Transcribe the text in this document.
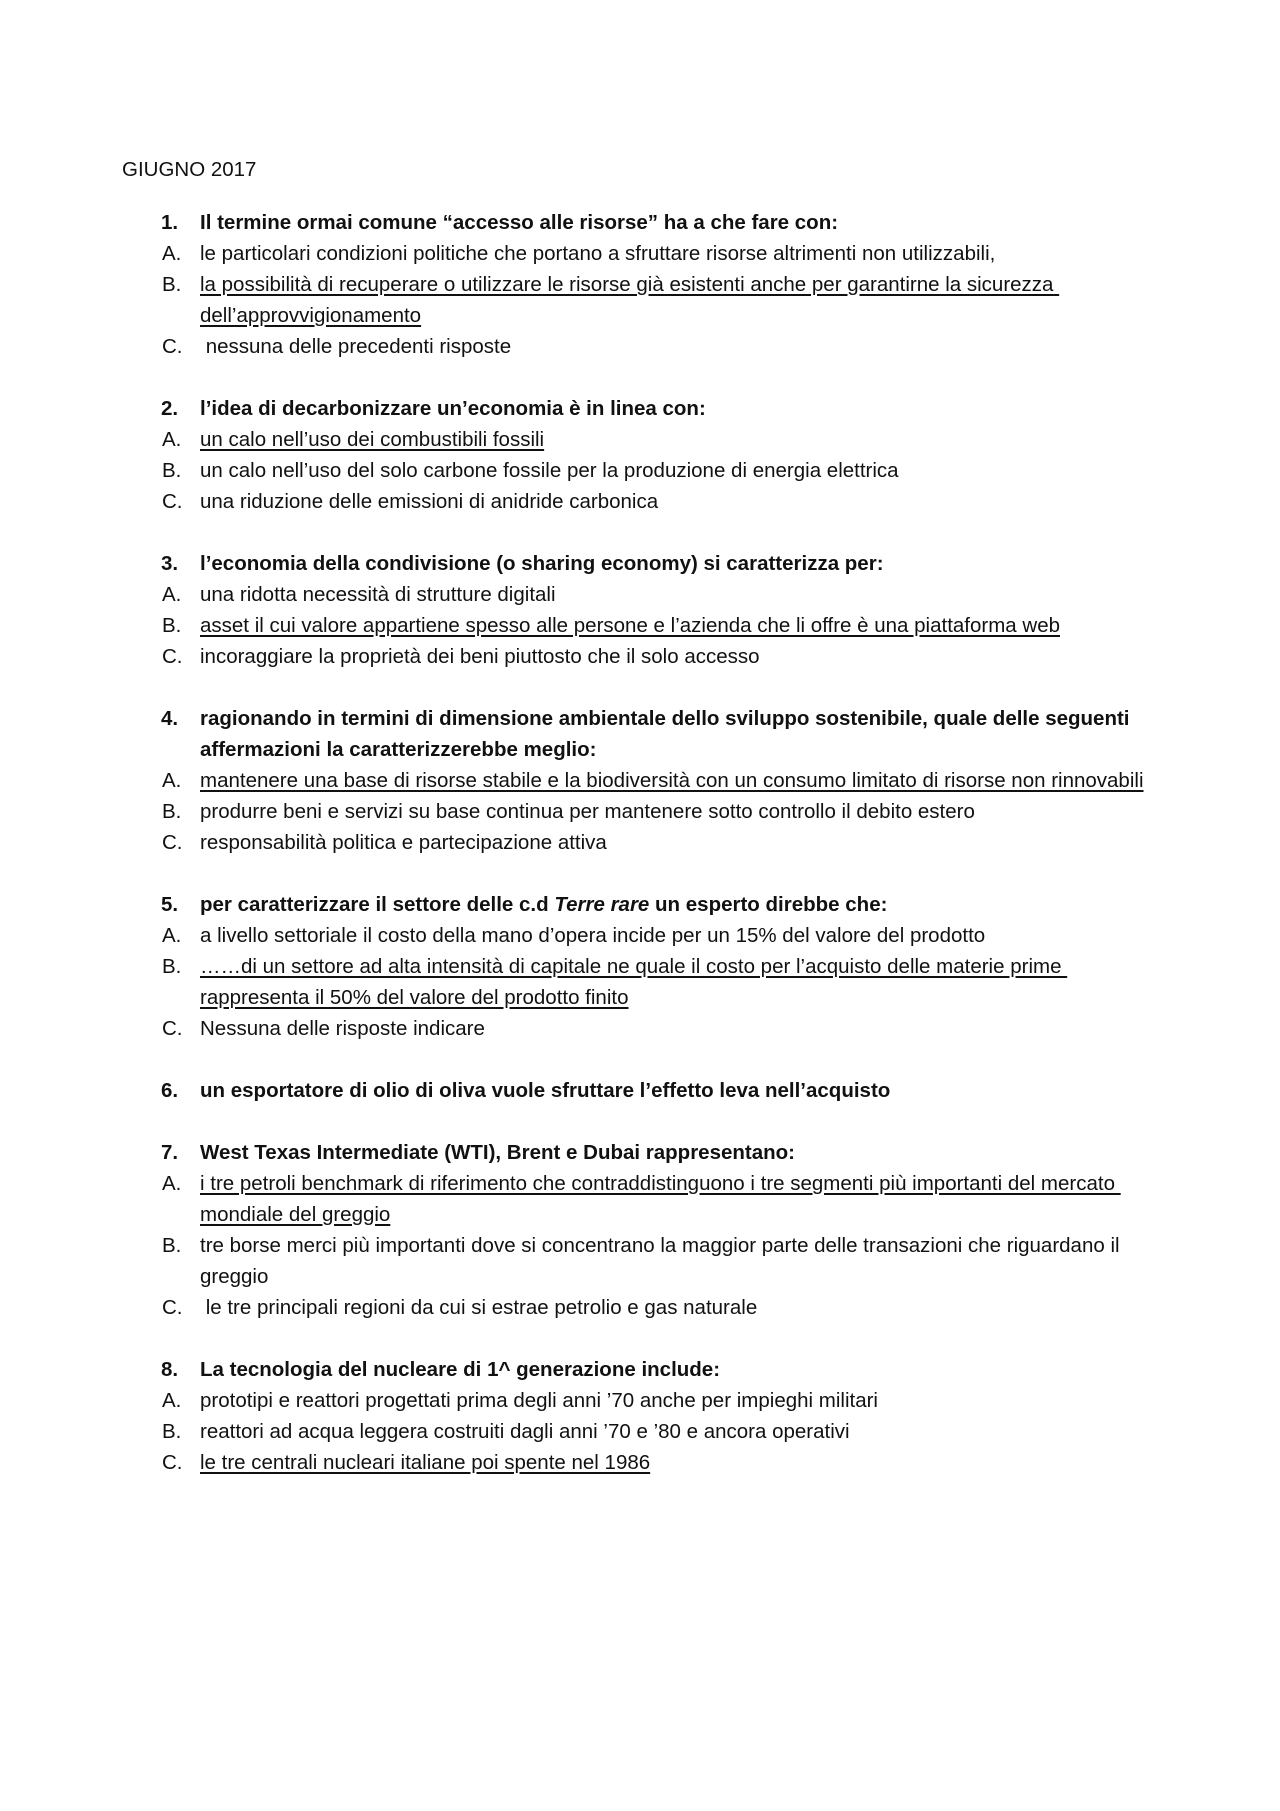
GIUGNO 2017
1. Il termine ormai comune “accesso alle risorse” ha a che fare con:
A. le particolari condizioni politiche che portano a sfruttare risorse altrimenti non utilizzabili,
B. la possibilità di recuperare o utilizzare le risorse già esistenti anche per garantirne la sicurezza dell’approvvigionamento
C. nessuna delle precedenti risposte
2. l’idea di decarbonizzare un’economia è in linea con:
A. un calo nell’uso dei combustibili fossili
B. un calo nell’uso del solo carbone fossile per la produzione di energia elettrica
C. una riduzione delle emissioni di anidride carbonica
3. l’economia della condivisione (o sharing economy) si caratterizza per:
A. una ridotta necessità di strutture digitali
B. asset il cui valore appartiene spesso alle persone e l’azienda che li offre è una piattaforma web
C. incoraggiare la proprietà dei beni piuttosto che il solo accesso
4. ragionando in termini di dimensione ambientale dello sviluppo sostenibile, quale delle seguenti affermazioni la caratterizzerebbe meglio:
A. mantenere una base di risorse stabile e la biodiversità con un consumo limitato di risorse non rinnovabili
B. produrre beni e servizi su base continua per mantenere sotto controllo il debito estero
C. responsabilità politica e partecipazione attiva
5. per caratterizzare il settore delle c.d Terre rare un esperto direbbe che:
A. a livello settoriale il costo della mano d’opera incide per un 15% del valore del prodotto
B. ……di un settore ad alta intensità di capitale ne quale il costo per l’acquisto delle materie prime rappresenta il 50% del valore del prodotto finito
C. Nessuna delle risposte indicare
6. un esportatore di olio di oliva vuole sfruttare l’effetto leva nell’acquisto
7. West Texas Intermediate (WTI), Brent e Dubai rappresentano:
A. i tre petroli benchmark di riferimento che contraddistinguono i tre segmenti più importanti del mercato mondiale del greggio
B. tre borse merci più importanti dove si concentrano la maggior parte delle transazioni che riguardano il greggio
C. le tre principali regioni da cui si estrae petrolio e gas naturale
8. La tecnologia del nucleare di 1^ generazione include:
A. prototipi e reattori progettati prima degli anni ’70 anche per impieghi militari
B. reattori ad acqua leggera costruiti dagli anni ’70 e ’80 e ancora operativi
C. le tre centrali nucleari italiane poi spente nel 1986
